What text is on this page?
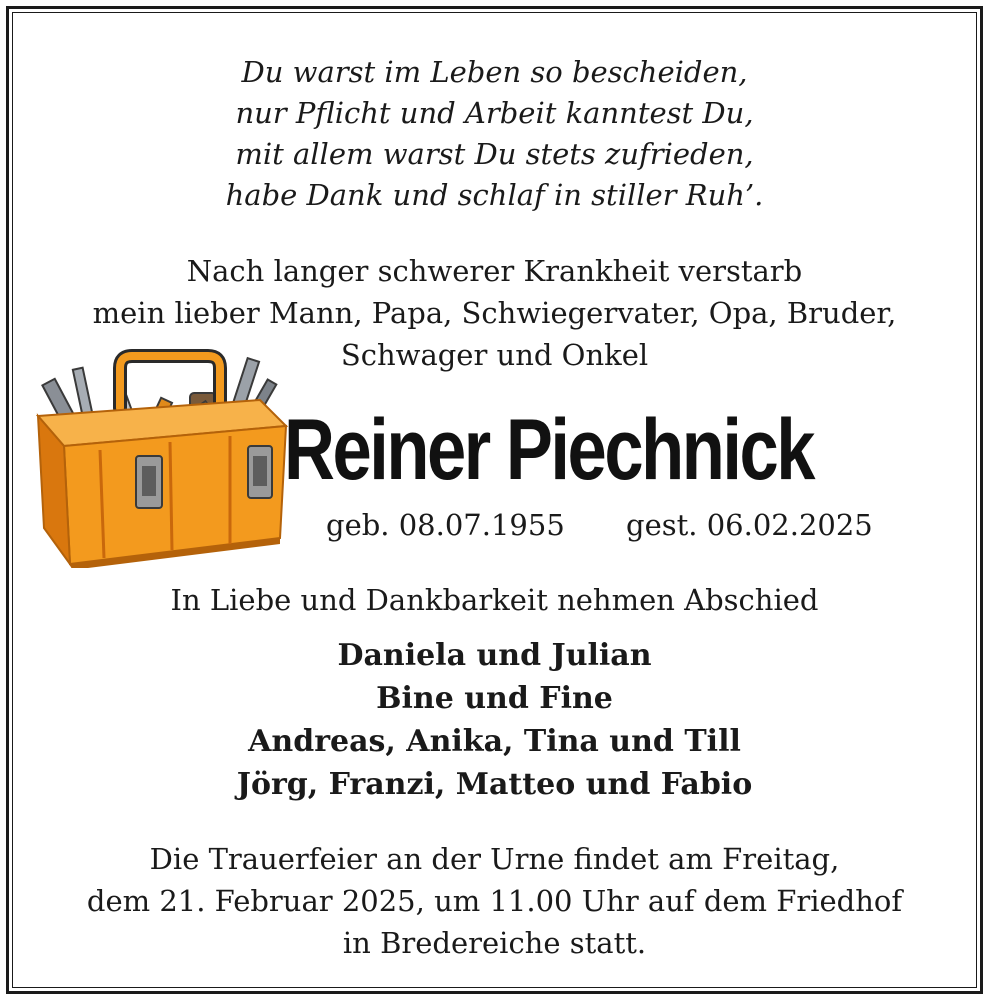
Du warst im Leben so bescheiden,
nur Pflicht und Arbeit kanntest Du,
mit allem warst Du stets zufrieden,
habe Dank und schlaf in stiller Ruh’.
Nach langer schwerer Krankheit verstarb
mein lieber Mann, Papa, Schwiegervater, Opa, Bruder,
Schwager und Onkel
Reiner Piechnick
geb. 08.07.1955 gest. 06.02.2025
In Liebe und Dankbarkeit nehmen Abschied
Daniela und Julian
Bine und Fine
Andreas, Anika, Tina und Till
Jörg, Franzi, Matteo und Fabio
Die Trauerfeier an der Urne findet am Freitag,
dem 21. Februar 2025, um 11.00 Uhr auf dem Friedhof
in Bredereiche statt.
